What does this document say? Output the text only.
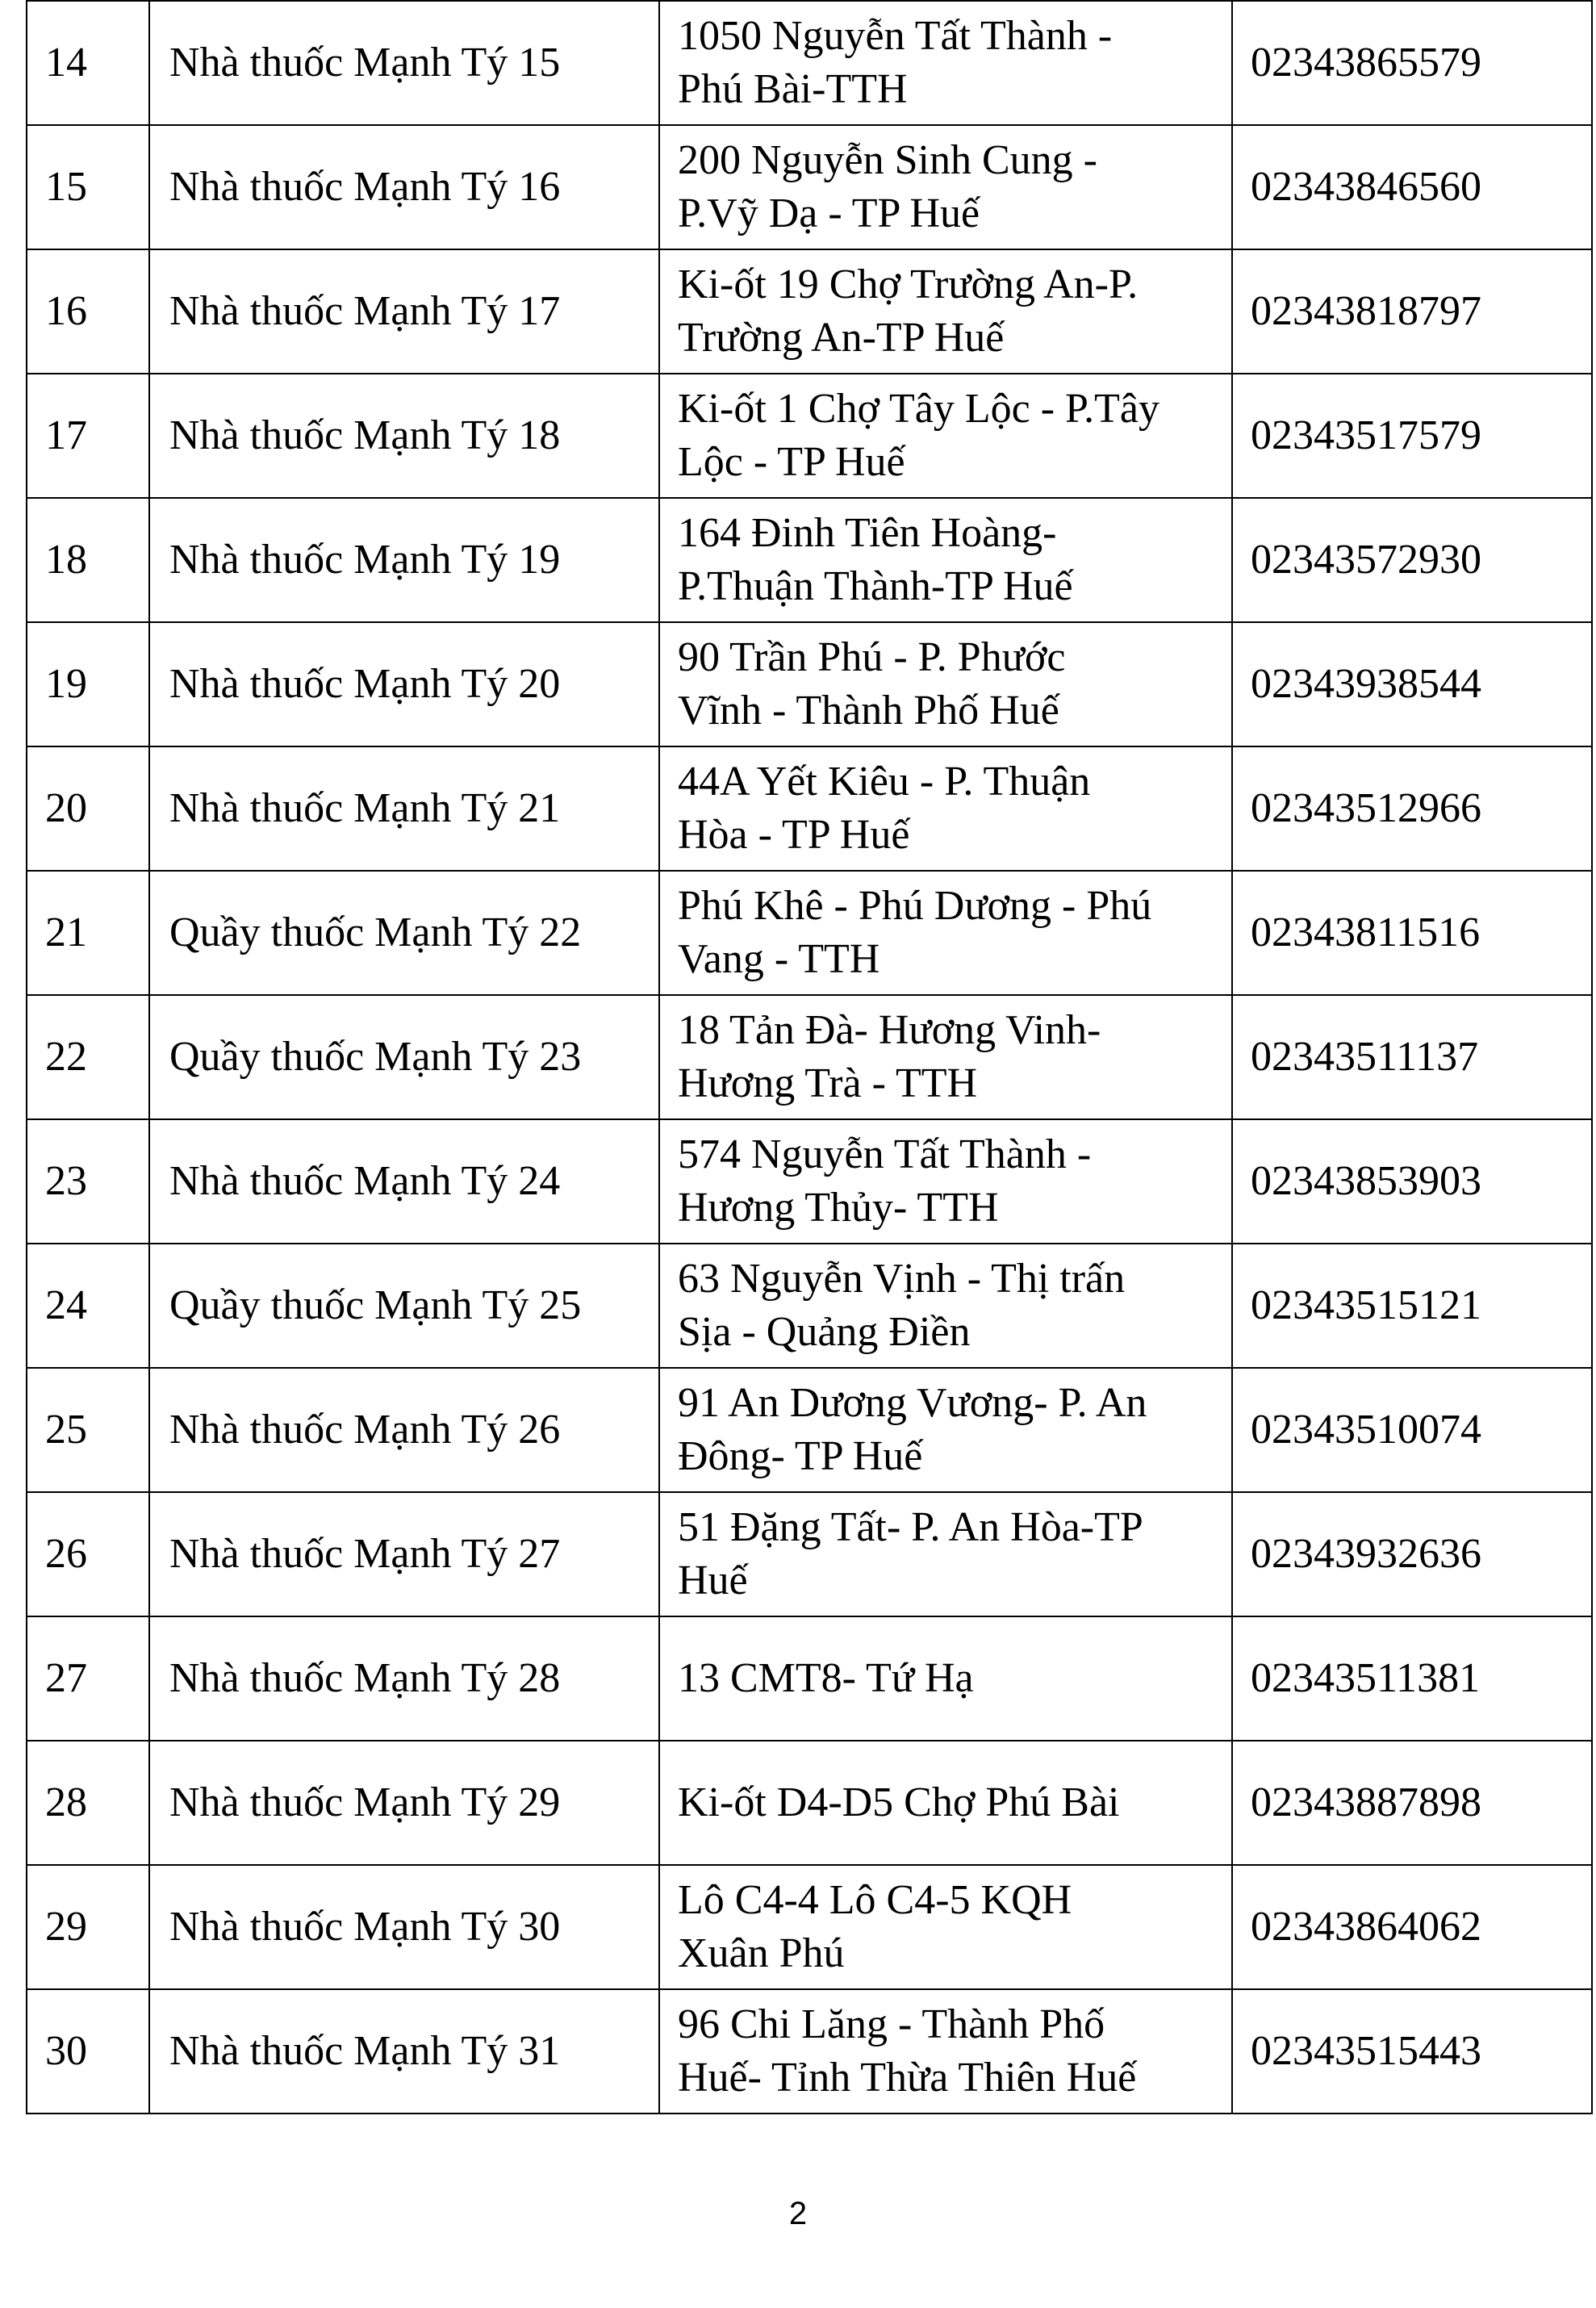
14	Nhà thuốc Mạnh Tý 15	1050 Nguyễn Tất Thành -
Phú Bài-TTH	02343865579
15	Nhà thuốc Mạnh Tý 16	200 Nguyễn Sinh Cung -
P.Vỹ Dạ - TP Huế	02343846560
16	Nhà thuốc Mạnh Tý 17	Ki-ốt 19 Chợ Trường An-P.
Trường An-TP Huế	02343818797
17	Nhà thuốc Mạnh Tý 18	Ki-ốt 1 Chợ Tây Lộc - P.Tây
Lộc - TP Huế	02343517579
18	Nhà thuốc Mạnh Tý 19	164 Đinh Tiên Hoàng-
P.Thuận Thành-TP Huế	02343572930
19	Nhà thuốc Mạnh Tý 20	90 Trần Phú - P. Phước
Vĩnh - Thành Phố Huế	02343938544
20	Nhà thuốc Mạnh Tý 21	44A Yết Kiêu - P. Thuận
Hòa - TP Huế	02343512966
21	Quầy thuốc Mạnh Tý 22	Phú Khê - Phú Dương - Phú
Vang - TTH	02343811516
22	Quầy thuốc Mạnh Tý 23	18 Tản Đà- Hương Vinh-
Hương Trà - TTH	02343511137
23	Nhà thuốc Mạnh Tý 24	574 Nguyễn Tất Thành -
Hương Thủy- TTH	02343853903
24	Quầy thuốc Mạnh Tý 25	63 Nguyễn Vịnh - Thị trấn
Sịa - Quảng Điền	02343515121
25	Nhà thuốc Mạnh Tý 26	91 An Dương Vương- P. An
Đông- TP Huế	02343510074
26	Nhà thuốc Mạnh Tý 27	51 Đặng Tất- P. An Hòa-TP
Huế	02343932636
27	Nhà thuốc Mạnh Tý 28	13 CMT8- Tứ Hạ	02343511381
28	Nhà thuốc Mạnh Tý 29	Ki-ốt D4-D5 Chợ Phú Bài	02343887898
29	Nhà thuốc Mạnh Tý 30	Lô C4-4 Lô C4-5 KQH
Xuân Phú	02343864062
30	Nhà thuốc Mạnh Tý 31	96 Chi Lăng - Thành Phố
Huế- Tỉnh Thừa Thiên Huế	02343515443
2
